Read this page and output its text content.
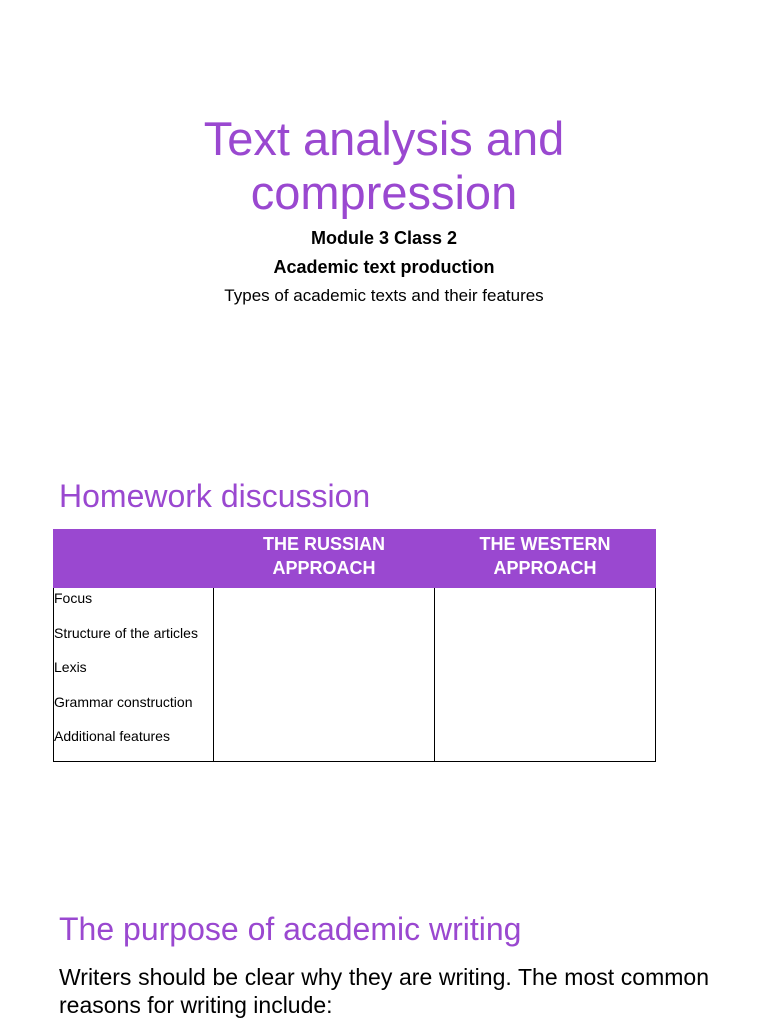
Text analysis and
compression

Module 3 Class 2

Academic text production

Types of academic texts and their features

Homework discussion
	THE RUSSIAN APPROACH	THE WESTERN APPROACH

Focus
Structure of the articles
Lexis
Grammar construction
Additional features		

The purpose of academic writing

Writers should be clear why they are writing. The most common reasons for writing include:
